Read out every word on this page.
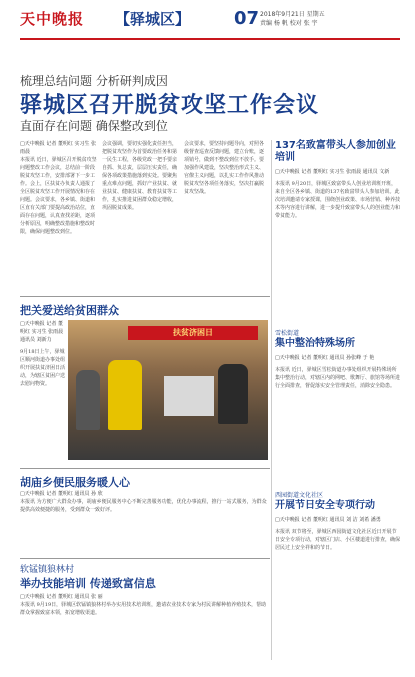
天中晚报 【驿城区】 07 2018年9月21日 星期五
责编 杨 帆 校对 张 宇
梳理总结问题 分析研判成因
驿城区召开脱贫攻坚工作会议
直面存在问题 确保整改到位
□天中晚报 记者 董明红 实习生 张雨晨
本报讯 近日，驿城区召开脱贫攻坚问题整改工作会议，总结前一阶段脱贫攻坚工作，安排部署下一步工作。会上，区扶贫办负责人通报了全区脱贫攻坚工作开展情况和存在问题。会议要求，各乡镇、街道和区直有关部门要提高政治站位，直面存在问题，认真查找差距，逐项分析原因，明确整改措施和整改时限，确保问题整改到位。
会议强调，要切实强化责任担当，把脱贫攻坚作为首要政治任务和第一民生工程，各级党政一把手要亲自抓、负总责，层层压实责任，确保各项政策措施落到实处。要聚焦重点难点问题，抓好产业扶贫、就业扶贫、健康扶贫、教育扶贫等工作，扎实推进贫困群众稳定增收，巩固脱贫成果。
会议要求，要坚持问题导向，对照各级督查巡查反馈问题，建立台账，逐项销号，做到不整改到位不放手。要加强作风建设，坚决整治形式主义、官僚主义问题，以扎实工作作风推动脱贫攻坚各项任务落实，坚决打赢脱贫攻坚战。
137名致富带头人参加创业培训
□天中晚报 记者 董明红 实习生 张雨晨 通讯员 文新
本报讯 9月20日，驿城区致富带头人创业培训班开班，来自全区各乡镇、街道的137名致富带头人参加培训。此次培训邀请专家授课，围绕创业政策、市场营销、种养技术等内容进行讲解，进一步提升致富带头人的创业能力和带贫能力。
把关爱送给贫困群众
□天中晚报 记者 董明红 实习生 张雨晨 通讯员 刘新力
9月18日上午，驿城区顺河街道办事处组织开展扶贫济困日活动，为辖区贫困户送去慰问物资。
扶贫济困日	雪松街道
集中整治特殊场所
□天中晚报 记者 董明红 通讯员 孙张峰 于 艳
本报讯 近日，驿城区雪松街道办事处组织开展特殊场所集中整治行动，对辖区内的网吧、歌舞厅、旅馆等场所进行全面排查，督促落实安全管理责任，消除安全隐患。
西园街道文化社区
开展节日安全专项行动
□天中晚报 记者 董明红 通讯员 刘 洁 刘希 潘勇
本报讯 双节将至，驿城区西园街道文化社区近日开展节日安全专项行动，对辖区门店、小区楼道进行排查，确保居民过上安全祥和的节日。
胡庙乡便民服务暖人心
□天中晚报 记者 董明红 通讯员 孙 欣
本报讯 为方便广大群众办事，胡庙乡便民服务中心不断完善服务功能，优化办事流程，推行一站式服务，为群众提供高效便捷的服务，受到群众一致好评。
软锰镇狼林村
举办技能培训 传递致富信息
□天中晚报 记者 董明红 通讯员 张 丽
本报讯 9月19日，驿城区软锰镇狼林村举办实用技术培训班，邀请农业技术专家为村民讲解种植养殖技术，帮助群众掌握致富本领，拓宽增收渠道。
